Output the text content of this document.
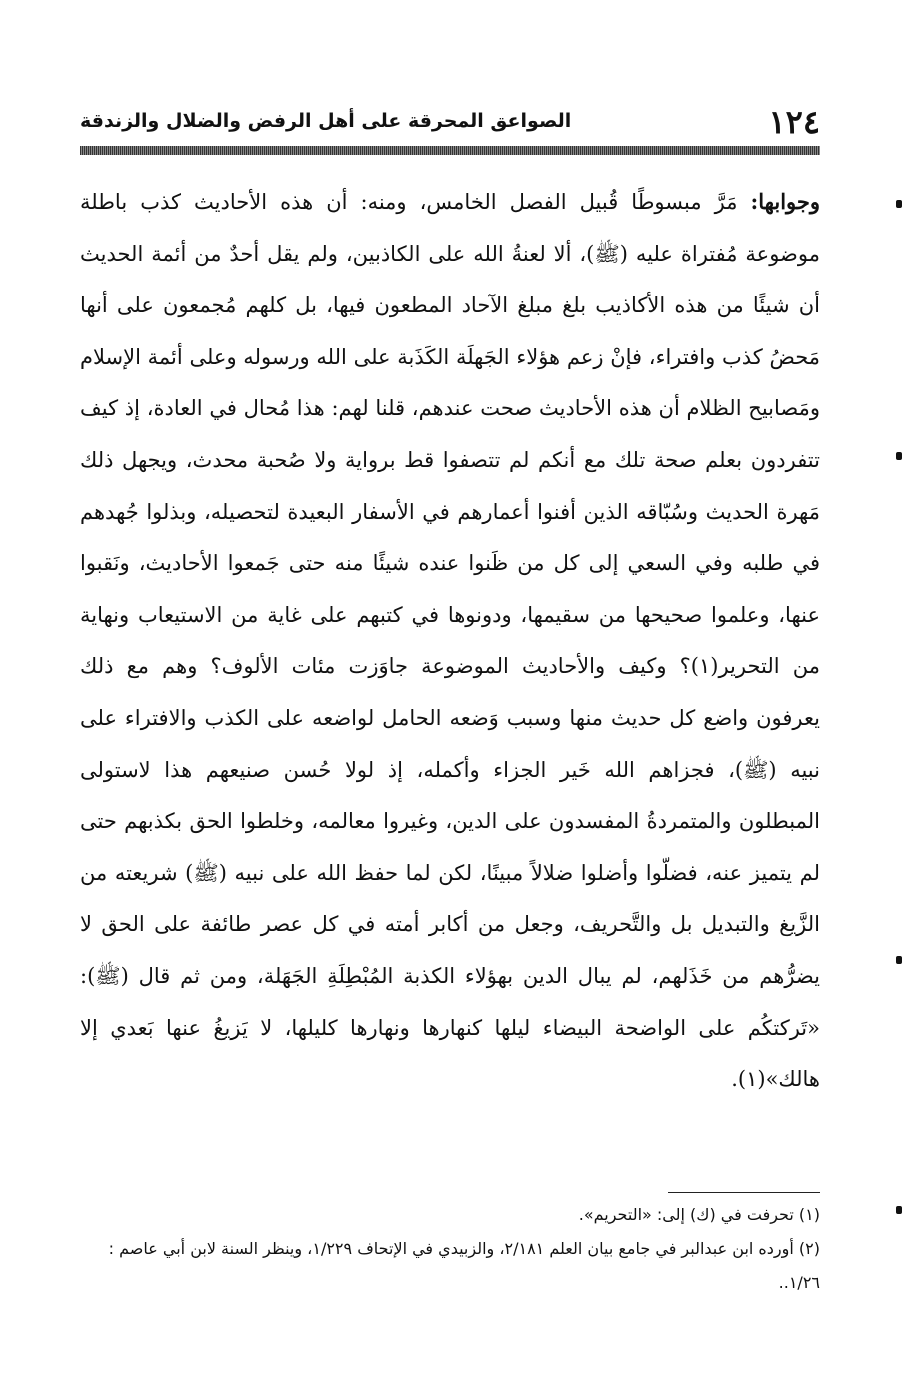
١٢٤
الصواعق المحرقة على أهل الرفض والضلال والزندقة

وجوابها: مَرَّ مبسوطًا قُبيل الفصل الخامس، ومنه: أن هذه الأحاديث كذب باطلة موضوعة مُفتراة عليه (ﷺ)، ألا لعنةُ الله على الكاذبين، ولم يقل أحدٌ من أئمة الحديث أن شيئًا من هذه الأكاذيب بلغ مبلغ الآحاد المطعون فيها، بل كلهم مُجمعون على أنها مَحضُ كذب وافتراء، فإنْ زعم هؤلاء الجَهلَة الكَذَبة على الله ورسوله وعلى أئمة الإسلام ومَصابيح الظلام أن هذه الأحاديث صحت عندهم، قلنا لهم: هذا مُحال في العادة، إذ كيف تتفردون بعلم صحة تلك مع أنكم لم تتصفوا قط برواية ولا صُحبة محدث، ويجهل ذلك مَهرة الحديث وسُبّاقه الذين أفنوا أعمارهم في الأسفار البعيدة لتحصيله، وبذلوا جُهدهم في طلبه وفي السعي إلى كل من ظَنوا عنده شيئًا منه حتى جَمعوا الأحاديث، ونَقبوا عنها، وعلموا صحيحها من سقيمها، ودونوها في كتبهم على غاية من الاستيعاب ونهاية من التحرير(١)؟ وكيف والأحاديث الموضوعة جاوَزت مئات الألوف؟ وهم مع ذلك يعرفون واضع كل حديث منها وسبب وَضعه الحامل لواضعه على الكذب والافتراء على نبيه (ﷺ)، فجزاهم الله خَير الجزاء وأكمله، إذ لولا حُسن صنيعهم هذا لاستولى المبطلون والمتمردةُ المفسدون على الدين، وغيروا معالمه، وخلطوا الحق بكذبهم حتى لم يتميز عنه، فضلّوا وأضلوا ضلالاً مبينًا، لكن لما حفظ الله على نبيه (ﷺ) شريعته من الزَّيغ والتبديل بل والتَّحريف، وجعل من أكابر أمته في كل عصر طائفة على الحق لا يضرُّهم من خَذَلهم، لم يبال الدين بهؤلاء الكذبة المُبْطِلَةِ الجَهَلة، ومن ثم قال (ﷺ): «تَركتكُم على الواضحة البيضاء ليلها كنهارها ونهارها كليلها، لا يَزيغُ عنها بَعدي إلا هالك»(١).

(١) تحرفت في (ك) إلى: «التحريم».

(٢) أورده ابن عبدالبر في جامع بيان العلم ٢/١٨١، والزبيدي في الإتحاف ١/٢٢٩، وينظر السنة لابن أبي عاصم : ١/٢٦..
